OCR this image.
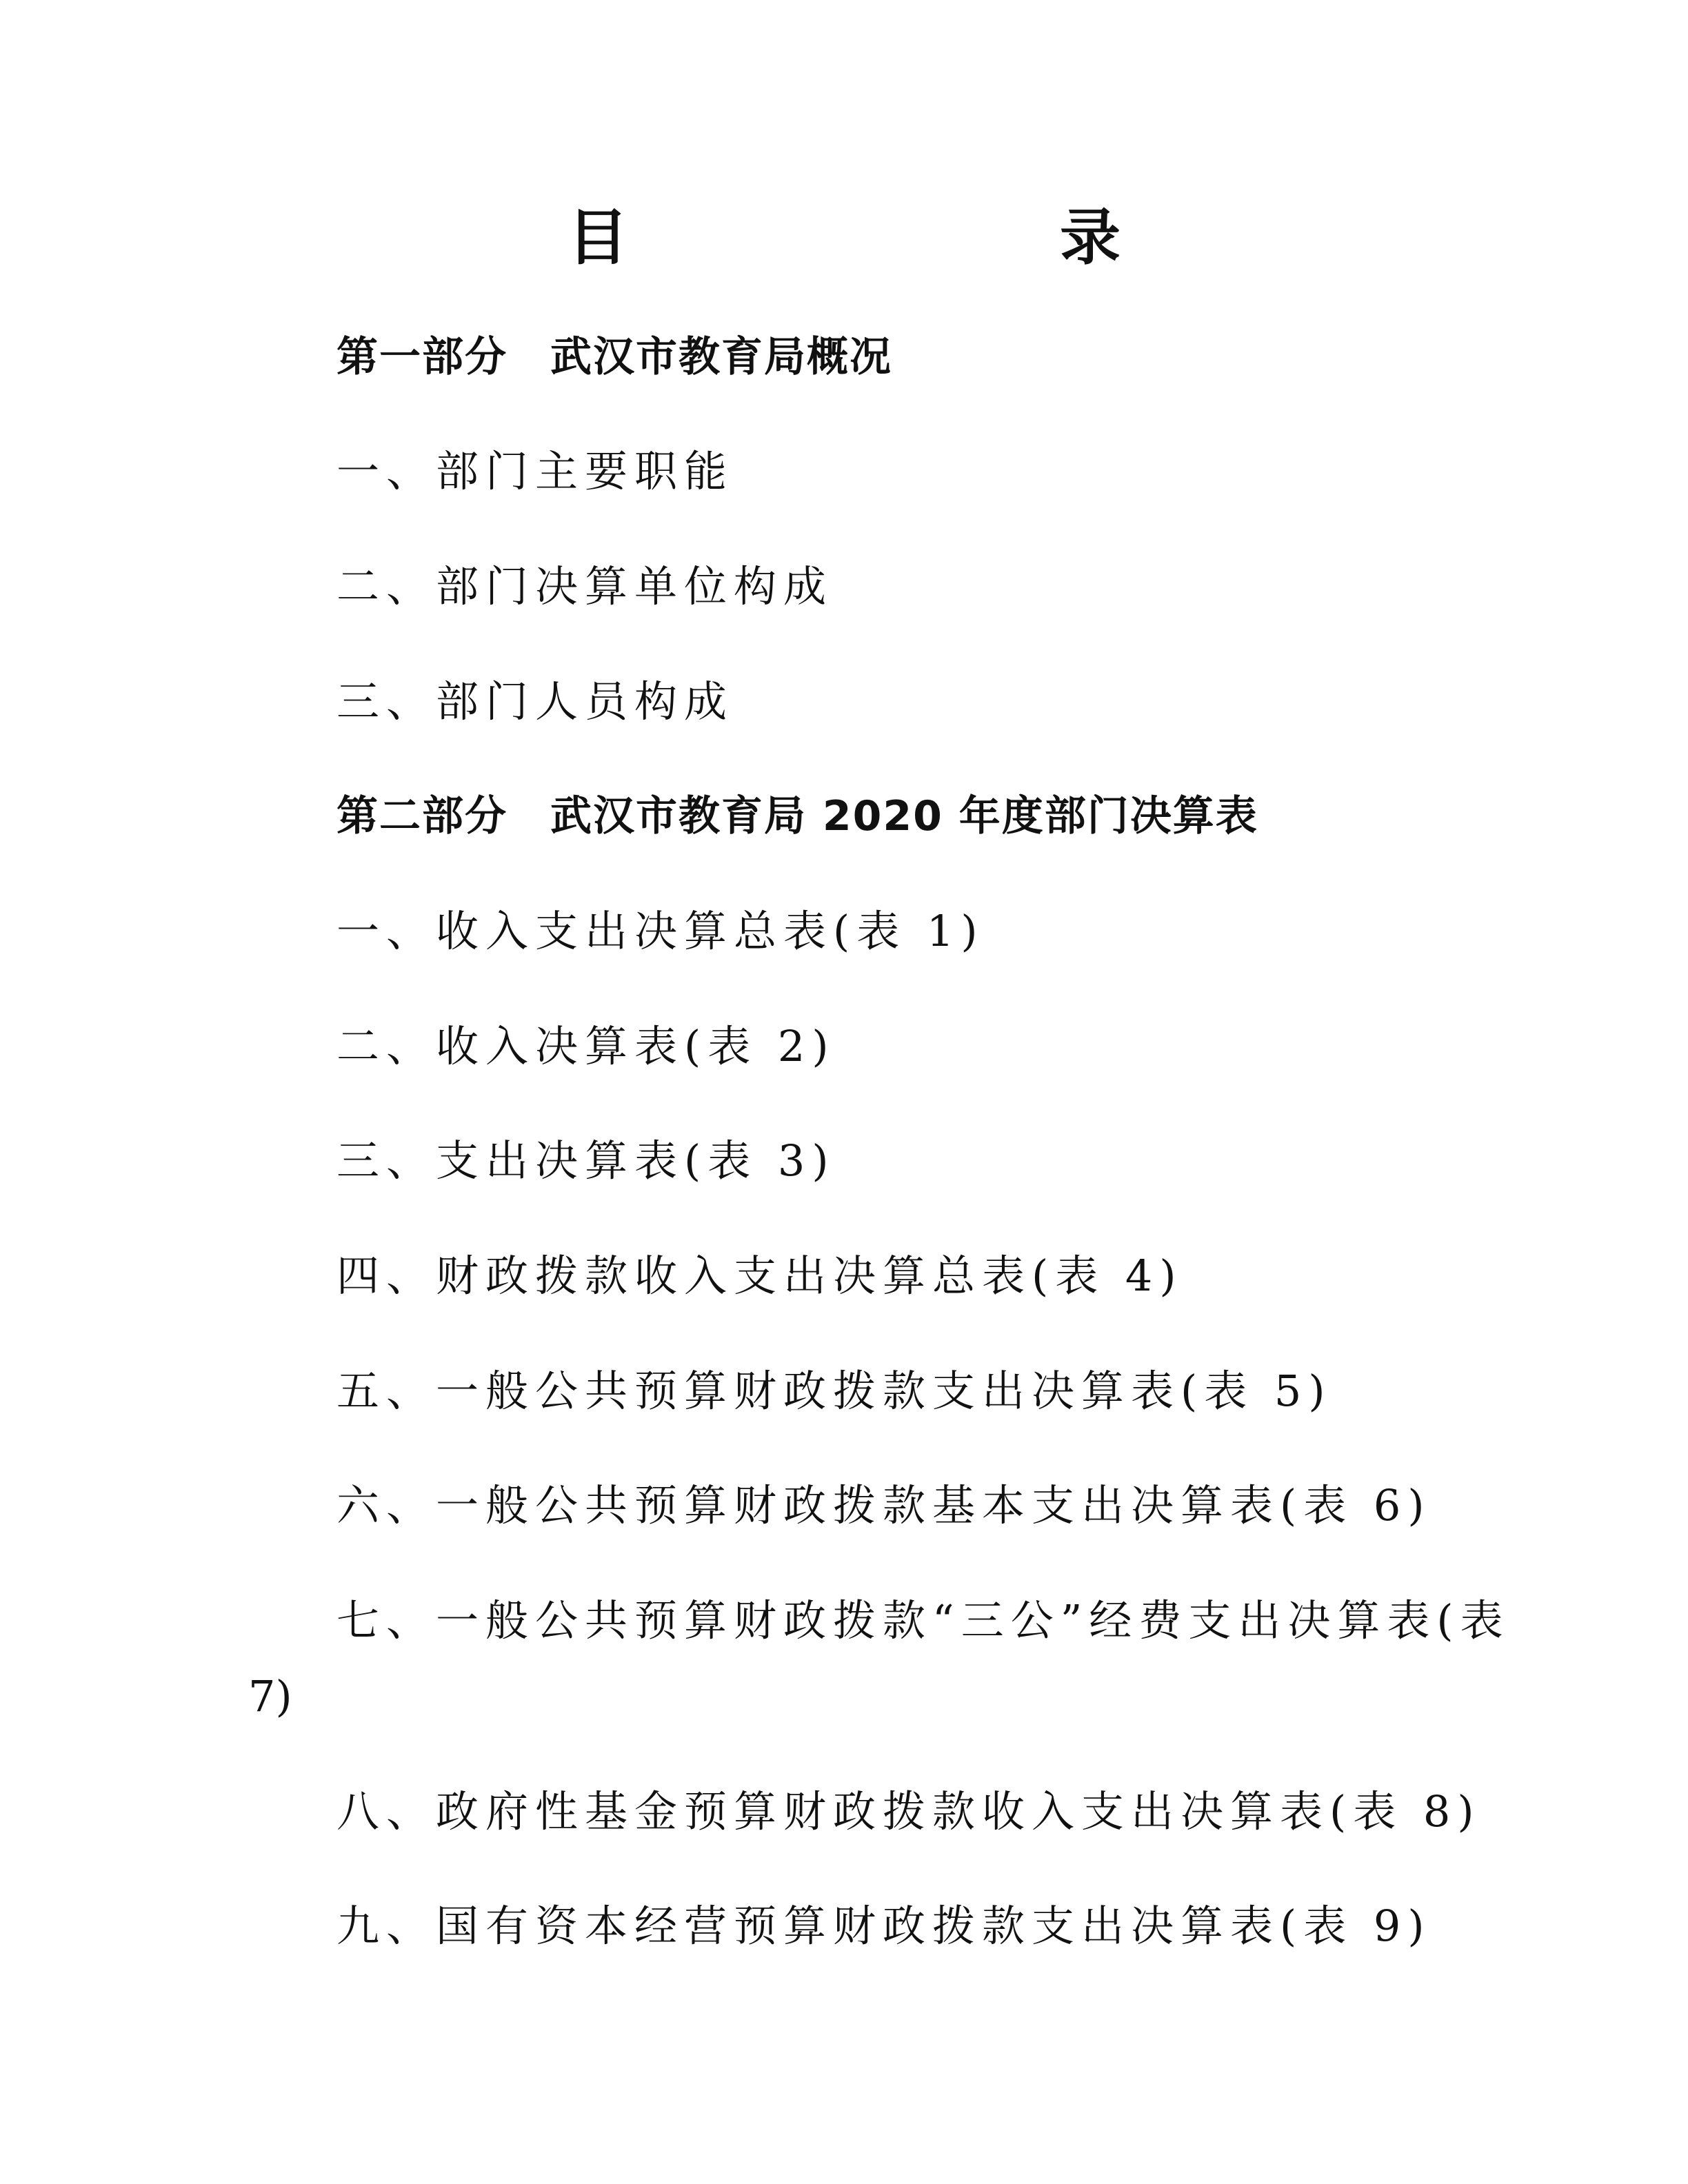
目　　录
第一部分　武汉市教育局概况
一、部门主要职能
二、部门决算单位构成
三、部门人员构成
第二部分　武汉市教育局 2020 年度部门决算表
一、收入支出决算总表(表 1)
二、收入决算表(表 2)
三、支出决算表(表 3)
四、财政拨款收入支出决算总表(表 4)
五、一般公共预算财政拨款支出决算表(表 5)
六、一般公共预算财政拨款基本支出决算表(表 6)
七、一般公共预算财政拨款“三公”经费支出决算表(表
7)
八、政府性基金预算财政拨款收入支出决算表(表 8)
九、国有资本经营预算财政拨款支出决算表(表 9)
